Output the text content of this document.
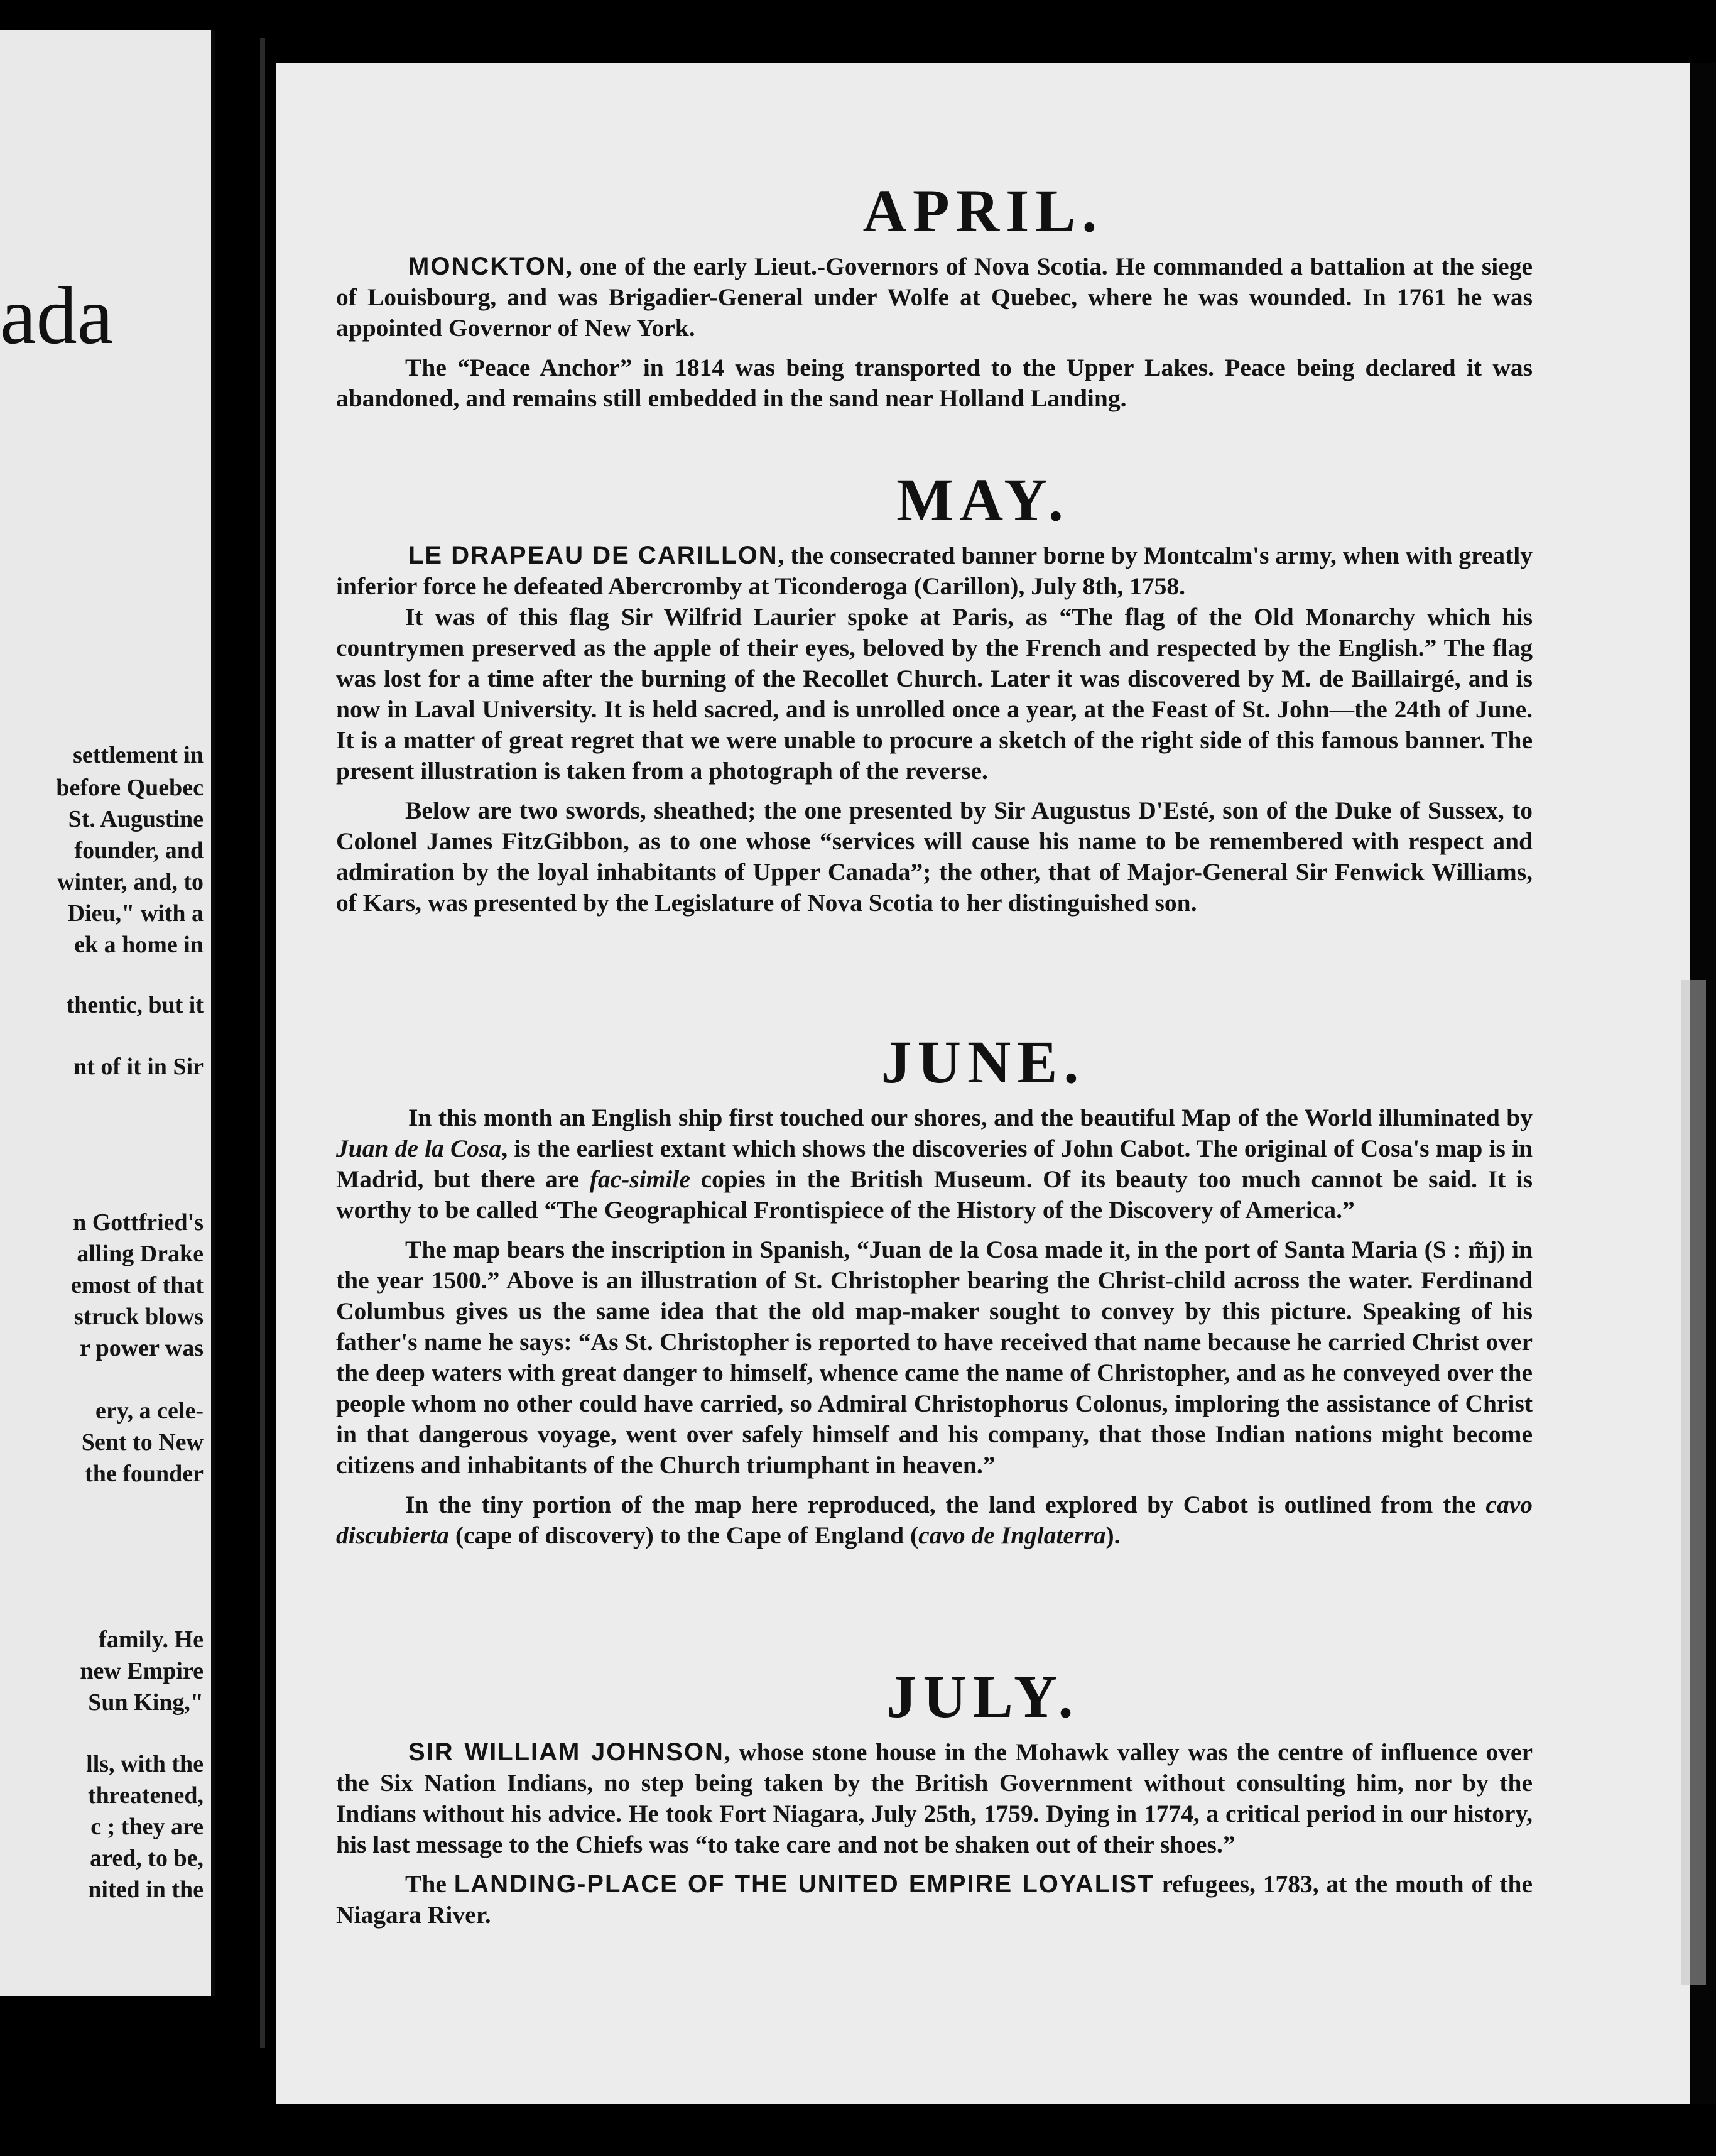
ada
settlement in
before Quebec
St. Augustine
founder, and
winter, and, to
Dieu," with a
ek a home in
thentic, but it
nt of it in Sir
n Gottfried's
alling Drake
emost of that
struck blows
r power was
ery, a cele-
Sent to New
the founder
family. He
new Empire
Sun King,"
lls, with the
threatened,
c ; they are
ared, to be,
nited in the
APRIL.

MONCKTON, one of the early Lieut.-Governors of Nova Scotia. He commanded a battalion at the siege of Louisbourg, and was Brigadier-General under Wolfe at Quebec, where he was wounded. In 1761 he was appointed Governor of New York.

The “Peace Anchor” in 1814 was being transported to the Upper Lakes. Peace being declared it was abandoned, and remains still embedded in the sand near Holland Landing.

MAY.

LE DRAPEAU DE CARILLON, the consecrated banner borne by Montcalm's army, when with greatly inferior force he defeated Abercromby at Ticonderoga (Carillon), July 8th, 1758.

It was of this flag Sir Wilfrid Laurier spoke at Paris, as “The flag of the Old Monarchy which his countrymen preserved as the apple of their eyes, beloved by the French and respected by the English.” The flag was lost for a time after the burning of the Recollet Church. Later it was discovered by M. de Baillairgé, and is now in Laval University. It is held sacred, and is unrolled once a year, at the Feast of St. John—the 24th of June. It is a matter of great regret that we were unable to procure a sketch of the right side of this famous banner. The present illustration is taken from a photograph of the reverse.

Below are two swords, sheathed; the one presented by Sir Augustus D'Esté, son of the Duke of Sussex, to Colonel James FitzGibbon, as to one whose “services will cause his name to be remembered with respect and admiration by the loyal inhabitants of Upper Canada”; the other, that of Major-General Sir Fenwick Williams, of Kars, was presented by the Legislature of Nova Scotia to her distinguished son.

JUNE.

In this month an English ship first touched our shores, and the beautiful Map of the World illuminated by Juan de la Cosa, is the earliest extant which shows the discoveries of John Cabot. The original of Cosa's map is in Madrid, but there are fac-simile copies in the British Museum. Of its beauty too much cannot be said. It is worthy to be called “The Geographical Frontispiece of the History of the Discovery of America.”

The map bears the inscription in Spanish, “Juan de la Cosa made it, in the port of Santa Maria (S : m̃j) in the year 1500.” Above is an illustration of St. Christopher bearing the Christ-child across the water. Ferdinand Columbus gives us the same idea that the old map-maker sought to convey by this picture. Speaking of his father's name he says: “As St. Christopher is reported to have received that name because he carried Christ over the deep waters with great danger to himself, whence came the name of Christopher, and as he conveyed over the people whom no other could have carried, so Admiral Christophorus Colonus, imploring the assistance of Christ in that dangerous voyage, went over safely himself and his company, that those Indian nations might become citizens and inhabitants of the Church triumphant in heaven.”

In the tiny portion of the map here reproduced, the land explored by Cabot is outlined from the cavo discubierta (cape of discovery) to the Cape of England (cavo de Inglaterra).

JULY.

SIR WILLIAM JOHNSON, whose stone house in the Mohawk valley was the centre of influence over the Six Nation Indians, no step being taken by the British Government without consulting him, nor by the Indians without his advice. He took Fort Niagara, July 25th, 1759. Dying in 1774, a critical period in our history, his last message to the Chiefs was “to take care and not be shaken out of their shoes.”

The LANDING-PLACE OF THE UNITED EMPIRE LOYALIST refugees, 1783, at the mouth of the Niagara River.
